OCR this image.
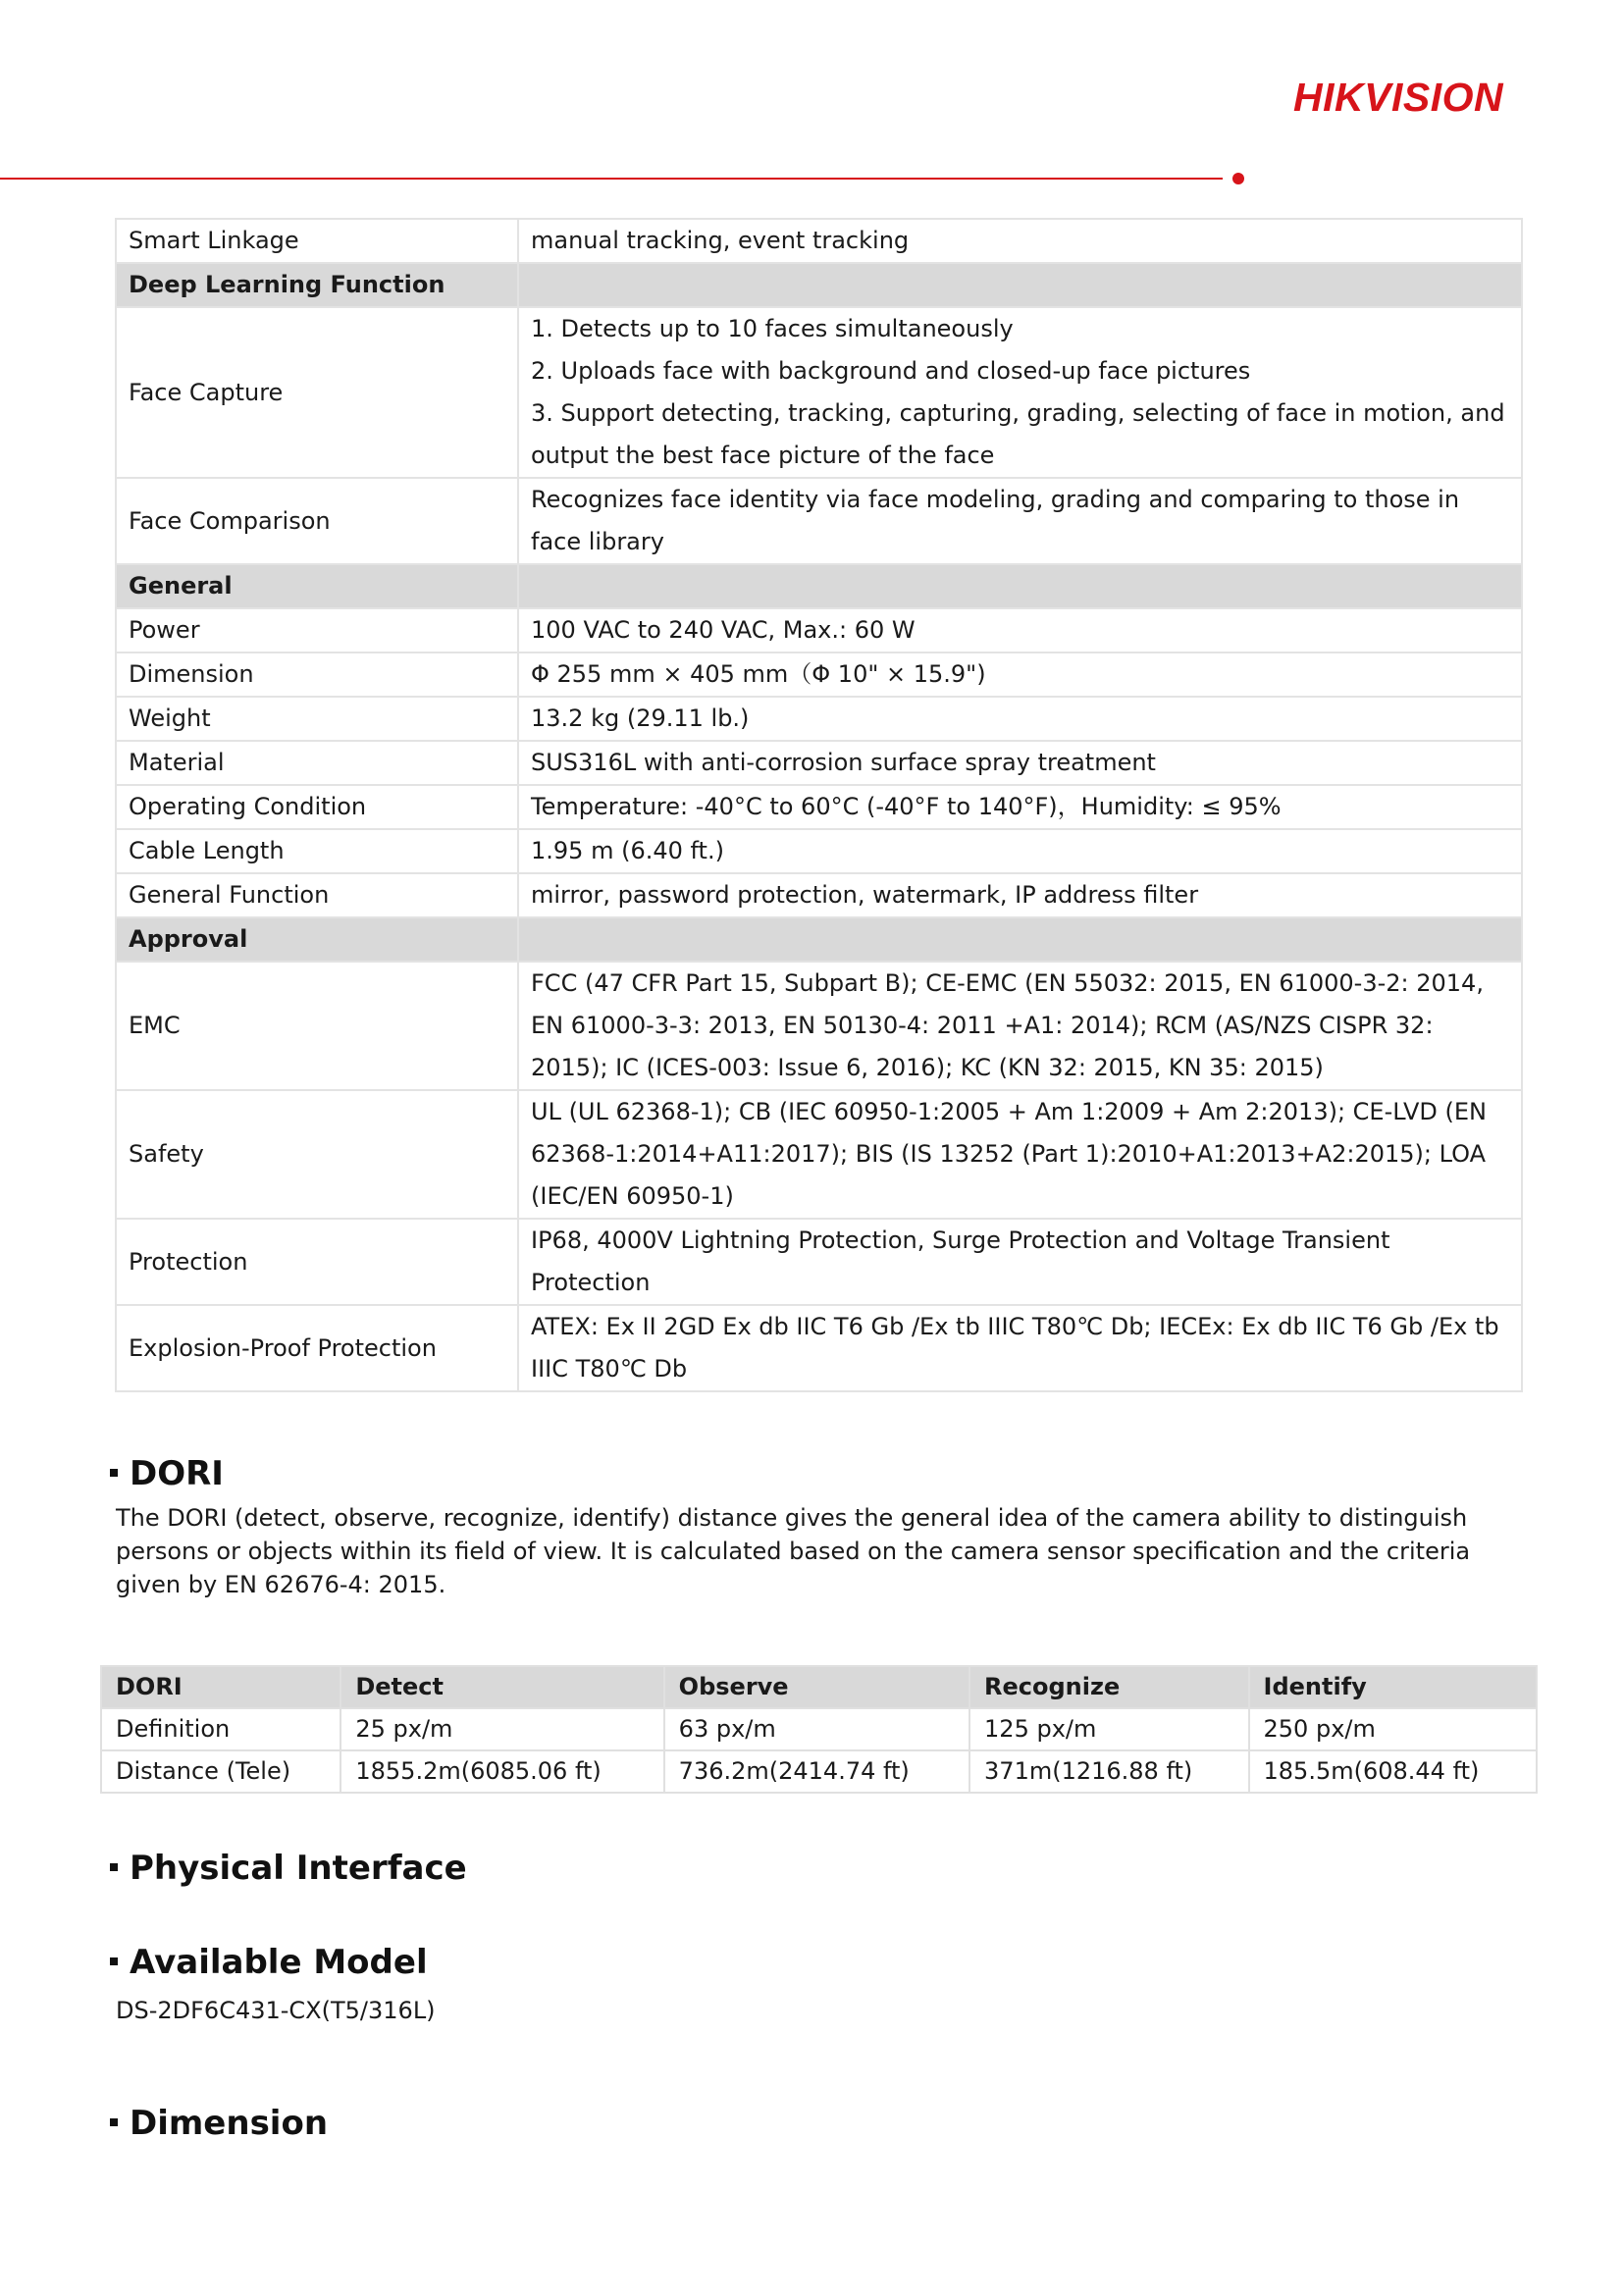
HIKVISION
Smart Linkage	manual tracking, event tracking

Deep Learning Function	
Face Capture	1. Detects up to 10 faces simultaneously
2. Uploads face with background and closed-up face pictures
3. Support detecting, tracking, capturing, grading, selecting of face in motion, and output the best face picture of the face

Face Comparison	Recognizes face identity via face modeling, grading and comparing to those in face library

General	
Power	100 VAC to 240 VAC, Max.: 60 W

Dimension	Φ 255 mm × 405 mm（Φ 10" × 15.9")

Weight	13.2 kg (29.11 lb.)

Material	SUS316L with anti-corrosion surface spray treatment

Operating Condition	Temperature: -40°C to 60°C (-40°F to 140°F)，Humidity: ≤ 95%

Cable Length	1.95 m (6.40 ft.)

General Function	mirror, password protection, watermark, IP address filter

Approval	
EMC	FCC (47 CFR Part 15, Subpart B); CE-EMC (EN 55032: 2015, EN 61000-3-2: 2014, EN 61000-3-3: 2013, EN 50130-4: 2011 +A1: 2014); RCM (AS/NZS CISPR 32: 2015); IC (ICES-003: Issue 6, 2016); KC (KN 32: 2015, KN 35: 2015)

Safety	UL (UL 62368-1); CB (IEC 60950-1:2005 + Am 1:2009 + Am 2:2013); CE-LVD (EN 62368-1:2014+A11:2017); BIS (IS 13252 (Part 1):2010+A1:2013+A2:2015); LOA (IEC/EN 60950-1)

Protection	IP68, 4000V Lightning Protection, Surge Protection and Voltage Transient Protection

Explosion-Proof Protection	ATEX: Ex II 2GD Ex db IIC T6 Gb /Ex tb IIIC T80℃ Db; IECEx: Ex db IIC T6 Gb /Ex tb IIIC T80℃ Db
DORI
The DORI (detect, observe, recognize, identify) distance gives the general idea of the camera ability to distinguish persons or objects within its field of view. It is calculated based on the camera sensor specification and the criteria given by EN 62676-4: 2015.
DORI	Detect	Observe	Recognize	Identify
Definition	25 px/m	63 px/m	125 px/m	250 px/m
Distance (Tele)	1855.2m(6085.06 ft)	736.2m(2414.74 ft)	371m(1216.88 ft)	185.5m(608.44 ft)
Physical Interface
Available Model
DS-2DF6C431-CX(T5/316L)
Dimension
